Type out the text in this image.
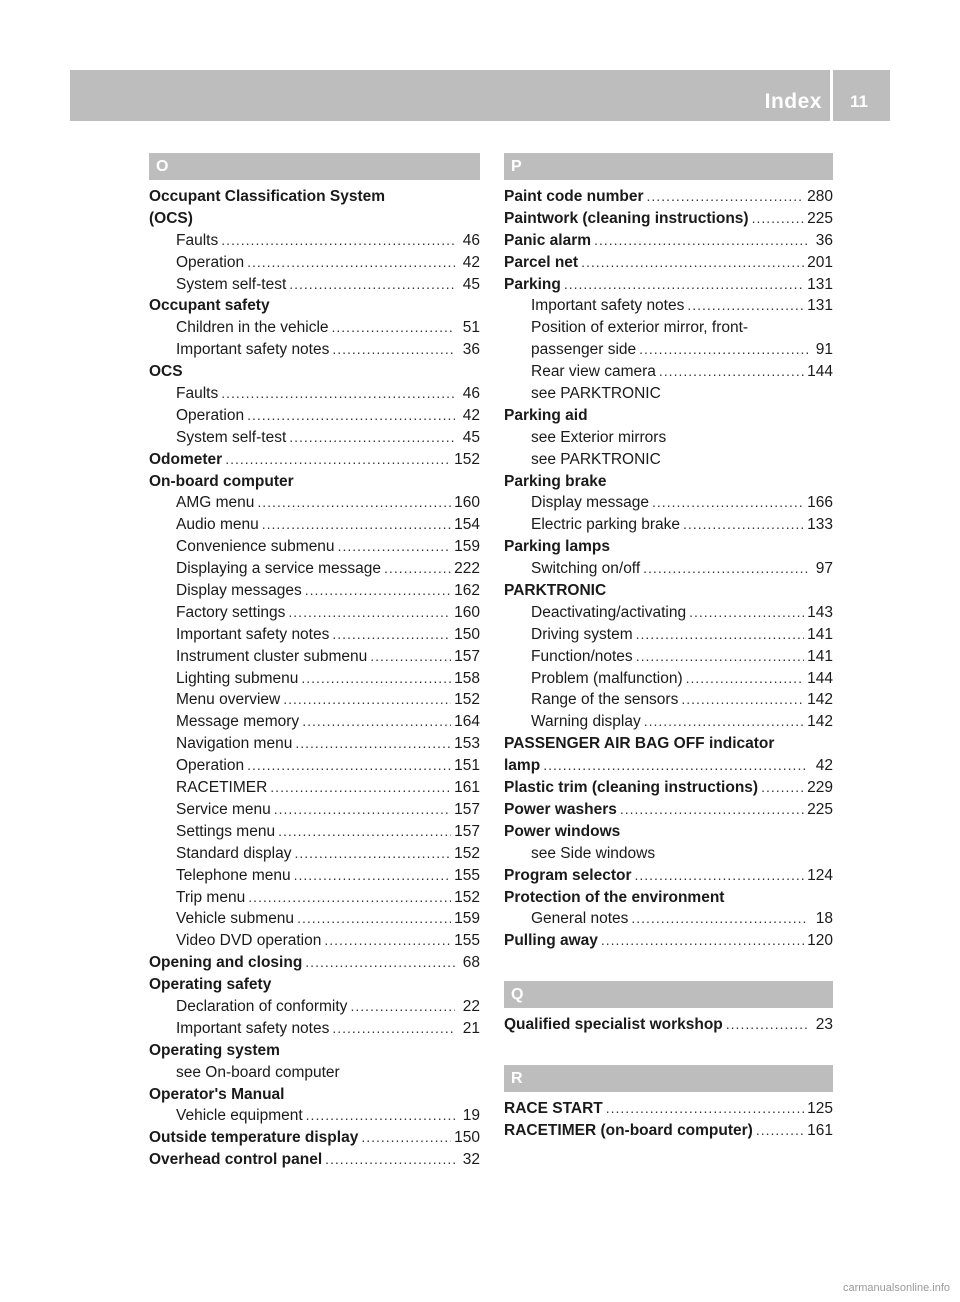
Index 11
O
Occupant Classification System
(OCS)
Faults .....	46
Operation .....	42
System self-test .....	45
Occupant safety
Children in the vehicle .....	51
Important safety notes .....	36
OCS
Faults .....	46
Operation .....	42
System self-test .....	45
Odometer .....	152
On-board computer
AMG menu .....	160
Audio menu .....	154
Convenience submenu .....	159
Displaying a service message .....	222
Display messages .....	162
Factory settings .....	160
Important safety notes .....	150
Instrument cluster submenu .....	157
Lighting submenu .....	158
Menu overview .....	152
Message memory .....	164
Navigation menu .....	153
Operation .....	151
RACETIMER .....	161
Service menu .....	157
Settings menu .....	157
Standard display .....	152
Telephone menu .....	155
Trip menu .....	152
Vehicle submenu .....	159
Video DVD operation .....	155
Opening and closing .....	68
Operating safety
Declaration of conformity .....	22
Important safety notes .....	21
Operating system
see On-board computer
Operator's Manual
Vehicle equipment .....	19
Outside temperature display .....	150
Overhead control panel .....	32
P
Paint code number .....	280
Paintwork (cleaning instructions) .....	225
Panic alarm .....	36
Parcel net .....	201
Parking .....	131
Important safety notes .....	131
Position of exterior mirror, front-
passenger side .....	91
Rear view camera .....	144
see PARKTRONIC
Parking aid
see Exterior mirrors
see PARKTRONIC
Parking brake
Display message .....	166
Electric parking brake .....	133
Parking lamps
Switching on/off .....	97
PARKTRONIC
Deactivating/activating .....	143
Driving system .....	141
Function/notes .....	141
Problem (malfunction) .....	144
Range of the sensors .....	142
Warning display .....	142
PASSENGER AIR BAG OFF indicator
lamp .....	42
Plastic trim (cleaning instructions) .....	229
Power washers .....	225
Power windows
see Side windows
Program selector .....	124
Protection of the environment
General notes .....	18
Pulling away .....	120
Q
Qualified specialist workshop .....	23
R
RACE START .....	125
RACETIMER (on-board computer) .....	161
carmanualsonline.info
